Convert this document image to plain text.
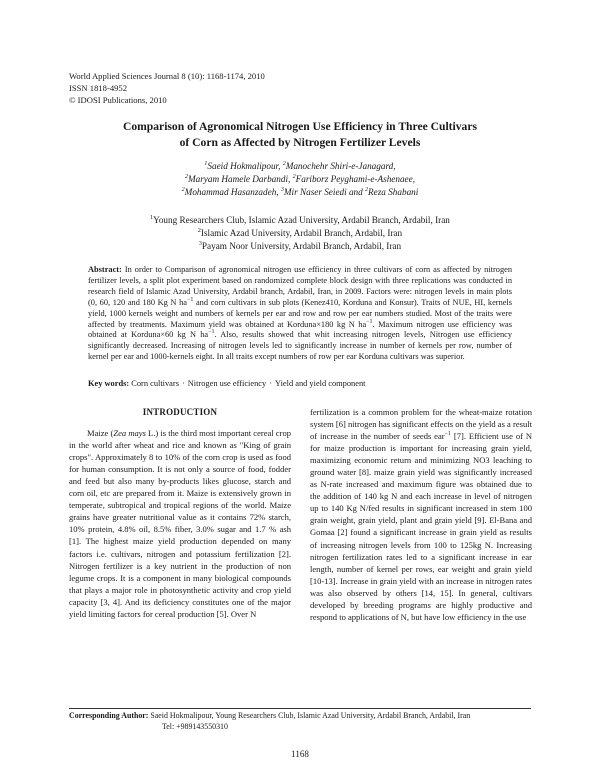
World Applied Sciences Journal 8 (10): 1168-1174, 2010
ISSN 1818-4952
© IDOSI Publications, 2010
Comparison of Agronomical Nitrogen Use Efficiency in Three Cultivars
of Corn as Affected by Nitrogen Fertilizer Levels
$^1$Saeid Hokmalipour, $^2$Manochehr Shiri-e-Janagard,
$^2$Maryam Hamele Darbandi, $^2$Fariborz Peyghami-e-Ashenaee,
$^2$Mohammad Hasanzadeh, $^3$Mir Naser Seiedi and $^2$Reza Shabani
$^1$Young Researchers Club, Islamic Azad University, Ardabil Branch, Ardabil, Iran
$^2$Islamic Azad University, Ardabil Branch, Ardabil, Iran
$^3$Payam Noor University, Ardabil Branch, Ardabil, Iran
Abstract: In order to Comparison of agronomical nitrogen use efficiency in three cultivars of corn as affected by nitrogen fertilizer levels, a split plot experiment based on randomized complete block design with three replications was conducted in research field of Islamic Azad University, Ardabil branch, Ardabil, Iran, in 2009. Factors were: nitrogen levels in main plots (0, 60, 120 and 180 Kg N $ha^{-1}$ and corn cultivars in sub plots (Kenez410, Korduna and Konsur). Traits of NUE, HI, kernels yield, 1000 kernels weight and numbers of kernels per ear and row and row per ear numbers studied. Most of the traits were affected by treatments. Maximum yield was obtained at Korduna×180 kg N $ha^{-1}$. Maximum nitrogen use efficiency was obtained at Korduna×60 kg N $ha^{-1}$. Also, results showed that whit increasing nitrogen levels, Nitrogen use efficiency significantly decreased. Increasing of nitrogen levels led to significantly increase in number of kernels per row, number of kernel per ear and 1000-kernels eight. In all traits except numbers of row per ear Korduna cultivars was superior.
Key words: Corn cultivars · Nitrogen use efficiency · Yield and yield component
INTRODUCTION

Maize (Zea mays L.) is the third most important cereal crop in the world after wheat and rice and known as "King of grain crops". Approximately 8 to 10% of the corn crop is used as food for human consumption. It is not only a source of food, fodder and feed but also many by-products likes glucose, starch and corn oil, etc are prepared from it. Maize is extensively grown in temperate, subtropical and tropical regions of the world. Maize grains have greater nutritional value as it contains 72% starch, 10% protein, 4.8% oil, 8.5% fiber, 3.0% sugar and 1.7 % ash [1]. The highest maize yield production depended on many factors i.e. cultivars, nitrogen and potassium fertilization [2]. Nitrogen fertilizer is a key nutrient in the production of non legume crops. It is a component in many biological compounds that plays a major role in photosynthetic activity and crop yield capacity [3, 4]. And its deficiency constitutes one of the major yield limiting factors for cereal production [5]. Over N

fertilization is a common problem for the wheat-maize rotation system [6] nitrogen has significant effects on the yield as a result of increase in the number of seeds ear$^{-1}$ [7]. Efficient use of N for maize production is important for increasing grain yield, maximizing economic return and minimizing NO3 leaching to ground water [8]. maize grain yield was significantly increased as N-rate increased and maximum figure was obtained due to the addition of 140 kg N and each increase in level of nitrogen up to 140 Kg N/fed results in significant increased in stem 100 grain weight, grain yield, plant and grain yield [9]. El-Bana and Gomaa [2] found a significant increase in grain yield as results of increasing nitrogen levels from 100 to 125kg N. Increasing nitrogen fertilization rates led to a significant increase in ear length, number of kernel per rows, ear weight and grain yield [10-13]. Increase in grain yield with an increase in nitrogen rates was also observed by others [14, 15]. In general, cultivars developed by breeding programs are highly productive and respond to applications of N, but have low efficiency in the use

Corresponding Author: Saeid Hokmalipour, Young Researchers Club, Islamic Azad University, Ardabil Branch, Ardabil, Iran
Tel: +989143550310
1168
